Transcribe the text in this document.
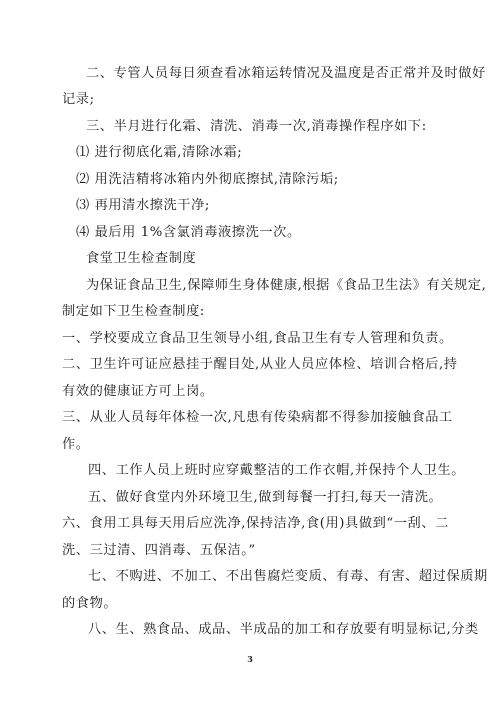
二、专管人员每日须查看冰箱运转情况及温度是否正常并及时做好

记录;

三、半月进行化霜、清洗、消毒一次,消毒操作程序如下:

⑴ 进行彻底化霜,清除冰霜;

⑵ 用洗洁精将冰箱内外彻底擦拭,清除污垢;

⑶ 再用清水擦洗干净;

⑷ 最后用 1%含氯消毒液擦洗一次。

食堂卫生检查制度

为保证食品卫生,保障师生身体健康,根据《食品卫生法》有关规定,

制定如下卫生检查制度:

一、学校要成立食品卫生领导小组,食品卫生有专人管理和负责。

二、卫生许可证应悬挂于醒目处,从业人员应体检、培训合格后,持

有效的健康证方可上岗。

三、从业人员每年体检一次,凡患有传染病都不得参加接触食品工

作。

四、工作人员上班时应穿戴整洁的工作衣帽,并保持个人卫生。

五、做好食堂内外环境卫生,做到每餐一打扫,每天一清洗。

六、食用工具每天用后应洗净,保持洁净,食(用)具做到“一刮、二

洗、三过清、四消毒、五保洁。”

七、不购进、不加工、不出售腐烂变质、有毒、有害、超过保质期

的食物。

八、生、熟食品、成品、半成品的加工和存放要有明显标记,分类

3
